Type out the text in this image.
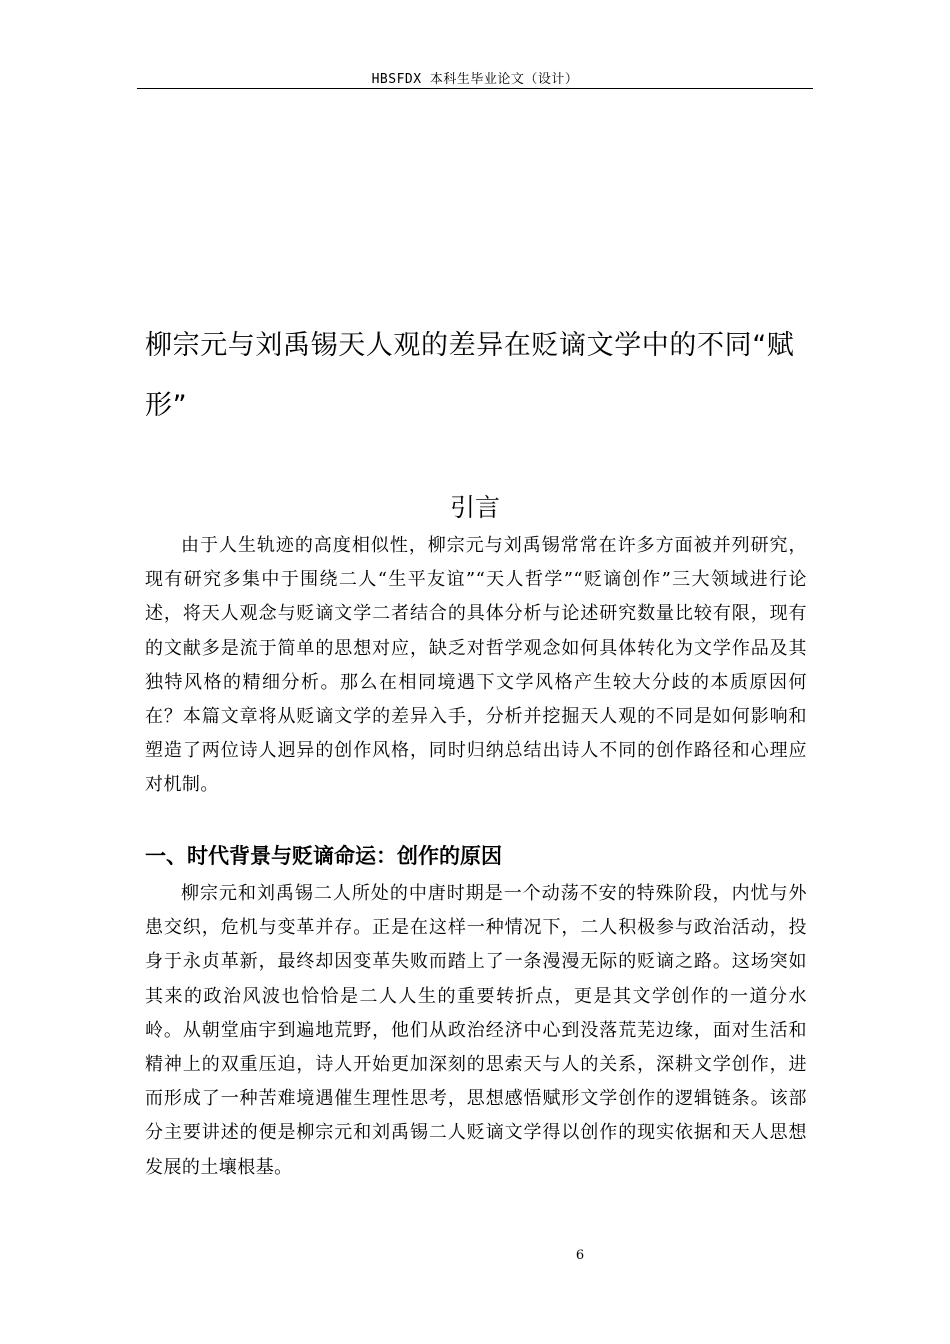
HBSFDX 本科生毕业论文（设计）
柳宗元与刘禹锡天人观的差异在贬谪文学中的不同“赋形”
引言

由于人生轨迹的高度相似性，柳宗元与刘禹锡常常在许多方面被并列研究，现有研究多集中于围绕二人“生平友谊”“天人哲学”“贬谪创作”三大领域进行论述，将天人观念与贬谪文学二者结合的具体分析与论述研究数量比较有限，现有的文献多是流于简单的思想对应，缺乏对哲学观念如何具体转化为文学作品及其独特风格的精细分析。那么在相同境遇下文学风格产生较大分歧的本质原因何在？本篇文章将从贬谪文学的差异入手，分析并挖掘天人观的不同是如何影响和塑造了两位诗人迥异的创作风格，同时归纳总结出诗人不同的创作路径和心理应对机制。

一、时代背景与贬谪命运：创作的原因

柳宗元和刘禹锡二人所处的中唐时期是一个动荡不安的特殊阶段，内忧与外患交织，危机与变革并存。正是在这样一种情况下，二人积极参与政治活动，投身于永贞革新，最终却因变革失败而踏上了一条漫漫无际的贬谪之路。这场突如其来的政治风波也恰恰是二人人生的重要转折点，更是其文学创作的一道分水岭。从朝堂庙宇到遍地荒野，他们从政治经济中心到没落荒芜边缘，面对生活和精神上的双重压迫，诗人开始更加深刻的思索天与人的关系，深耕文学创作，进而形成了一种苦难境遇催生理性思考，思想感悟赋形文学创作的逻辑链条。该部分主要讲述的便是柳宗元和刘禹锡二人贬谪文学得以创作的现实依据和天人思想发展的土壤根基。

6
